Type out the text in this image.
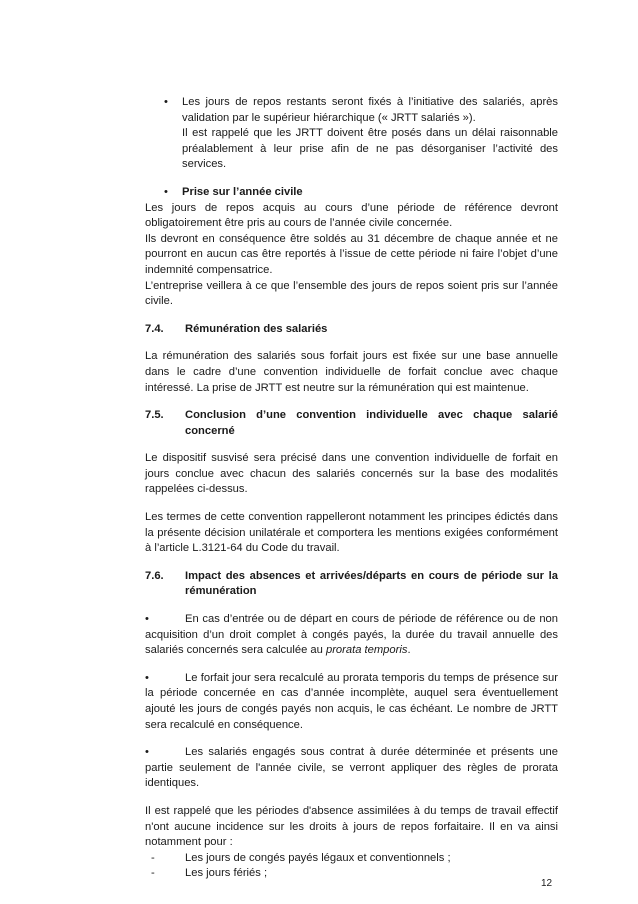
•	Les jours de repos restants seront fixés à l’initiative des salariés, après validation par le supérieur hiérarchique (« JRTT salariés »).

Il est rappelé que les JRTT doivent être posés dans un délai raisonnable préalablement à leur prise afin de ne pas désorganiser l’activité des services.

•	Prise sur l’année civile

Les jours de repos acquis au cours d’une période de référence devront obligatoirement être pris au cours de l’année civile concernée.

Ils devront en conséquence être soldés au 31 décembre de chaque année et ne pourront en aucun cas être reportés à l’issue de cette période ni faire l’objet d’une indemnité compensatrice.

L’entreprise veillera à ce que l’ensemble des jours de repos soient pris sur l’année civile.

7.4.	Rémunération des salariés

La rémunération des salariés sous forfait jours est fixée sur une base annuelle dans le cadre d’une convention individuelle de forfait conclue avec chaque intéressé. La prise de JRTT est neutre sur la rémunération qui est maintenue.

7.5.	Conclusion d’une convention individuelle avec chaque salarié concerné

Le dispositif susvisé sera précisé dans une convention individuelle de forfait en jours conclue avec chacun des salariés concernés sur la base des modalités rappelées ci-dessus.

Les termes de cette convention rappelleront notamment les principes édictés dans la présente décision unilatérale et comportera les mentions exigées conformément à l’article L.3121-64 du Code du travail.

7.6.	Impact des absences et arrivées/départs en cours de période sur la rémunération

•	En cas d’entrée ou de départ en cours de période de référence ou de non acquisition d’un droit complet à congés payés, la durée du travail annuelle des salariés concernés sera calculée au prorata temporis.

•	Le forfait jour sera recalculé au prorata temporis du temps de présence sur la période concernée en cas d’année incomplète, auquel sera éventuellement ajouté les jours de congés payés non acquis, le cas échéant. Le nombre de JRTT sera recalculé en conséquence.

•	Les salariés engagés sous contrat à durée déterminée et présents une partie seulement de l'année civile, se verront appliquer des règles de prorata identiques.

Il est rappelé que les périodes d'absence assimilées à du temps de travail effectif n'ont aucune incidence sur les droits à jours de repos forfaitaire. Il en va ainsi notamment pour :

-	Les jours de congés payés légaux et conventionnels ;

-	Les jours fériés ;

12
